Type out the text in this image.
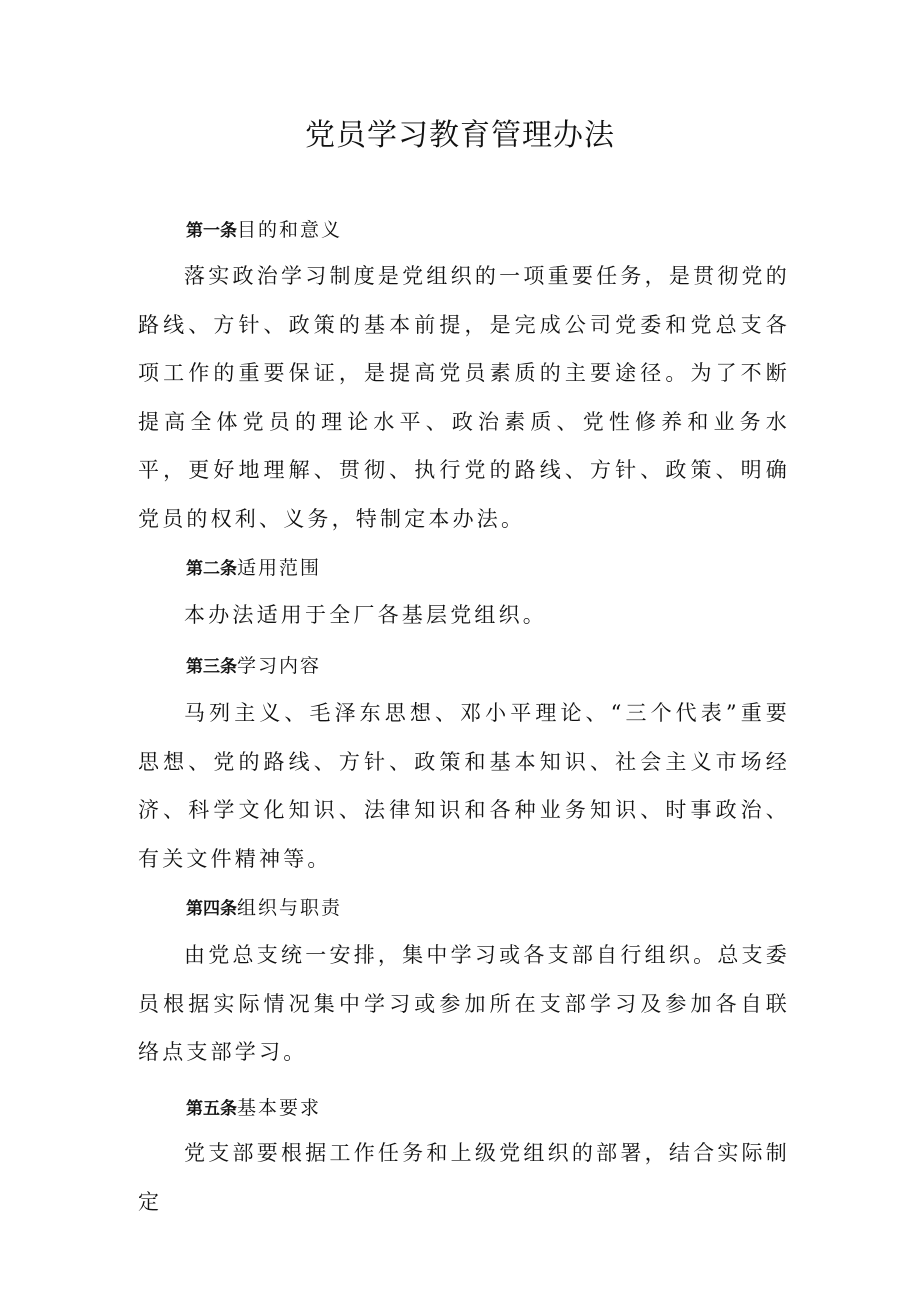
党员学习教育管理办法
第一条目的和意义

落实政治学习制度是党组织的一项重要任务，是贯彻党的路线、方针、政策的基本前提，是完成公司党委和党总支各项工作的重要保证，是提高党员素质的主要途径。为了不断提高全体党员的理论水平、政治素质、党性修养和业务水平，更好地理解、贯彻、执行党的路线、方针、政策、明确党员的权利、义务，特制定本办法。

第二条适用范围

本办法适用于全厂各基层党组织。

第三条学习内容

马列主义、毛泽东思想、邓小平理论、“三个代表”重要思想、党的路线、方针、政策和基本知识、社会主义市场经济、科学文化知识、法律知识和各种业务知识、时事政治、有关文件精神等。

第四条组织与职责

由党总支统一安排，集中学习或各支部自行组织。总支委员根据实际情况集中学习或参加所在支部学习及参加各自联络点支部学习。

第五条基本要求

党支部要根据工作任务和上级党组织的部署，结合实际制定
